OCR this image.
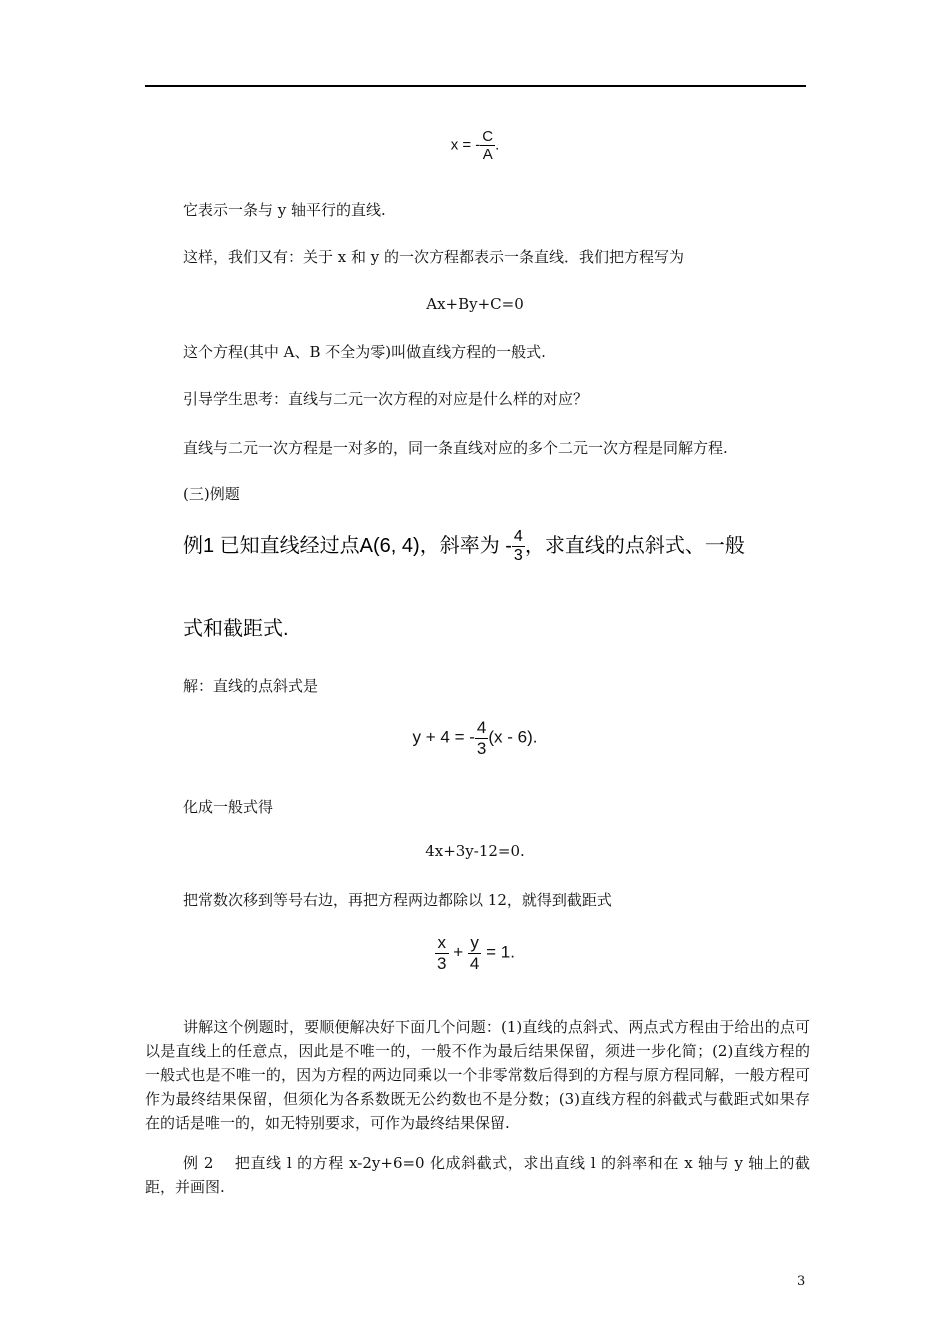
x = - $\frac{C}{A}$ .
它表示一条与 y 轴平行的直线.
这样，我们又有：关于 x 和 y 的一次方程都表示一条直线．我们把方程写为
Ax+By+C=0
这个方程(其中 A、B 不全为零)叫做直线方程的一般式.
引导学生思考：直线与二元一次方程的对应是什么样的对应？
直线与二元一次方程是一对多的，同一条直线对应的多个二元一次方程是同解方程.
(三)例题
例1 已知直线经过点A(6, 4)，斜率为 - $\frac{4}{3}$ ，求直线的点斜式、一般
式和截距式.
解：直线的点斜式是
y + 4 = - $\frac{4}{3} (x - 6)$.
化成一般式得
4x+3y-12=0.
把常数次移到等号右边，再把方程两边都除以 12，就得到截距式
$\frac{x}{3} + \frac{y}{4} = 1$.

讲解这个例题时，要顺便解决好下面几个问题：(1)直线的点斜式、两点式方程由于给出的点可以是直线上的任意点，因此是不唯一的，一般不作为最后结果保留，须进一步化简；(2)直线方程的一般式也是不唯一的，因为方程的两边同乘以一个非零常数后得到的方程与原方程同解，一般方程可作为最终结果保留，但须化为各系数既无公约数也不是分数；(3)直线方程的斜截式与截距式如果存在的话是唯一的，如无特别要求，可作为最终结果保留.

例 2　 把直线 l 的方程 x-2y+6=0 化成斜截式，求出直线 l 的斜率和在 x 轴与 y 轴上的截距，并画图.

3
